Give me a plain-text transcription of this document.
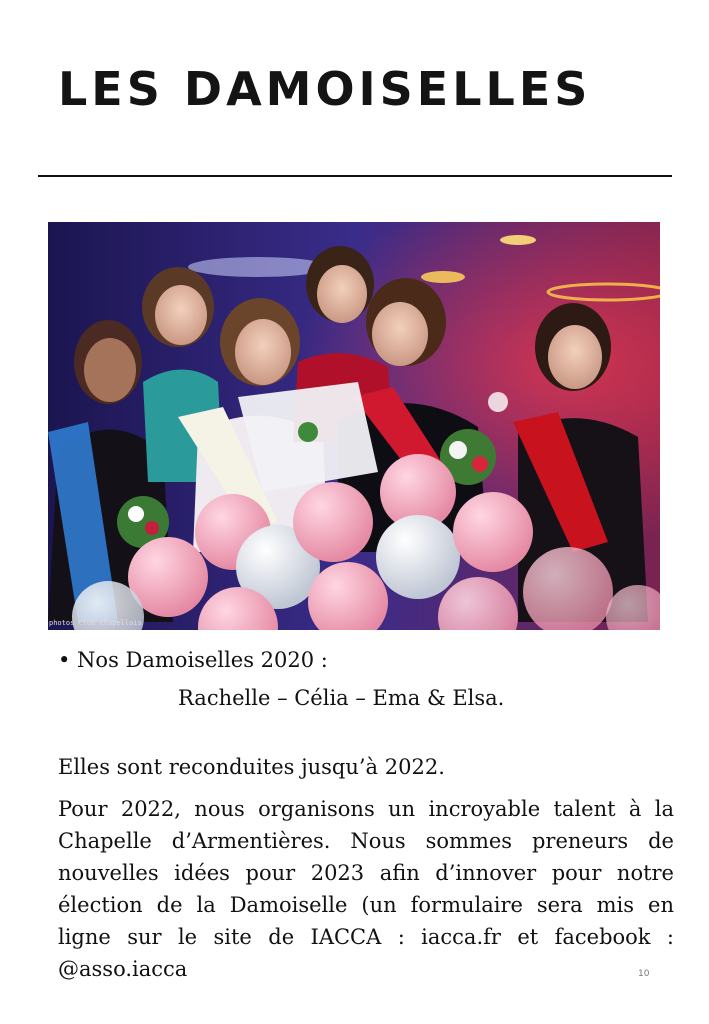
LES DAMOISELLES
photos club chapellois
• Nos Damoiselles 2020 :
Rachelle – Célia – Ema & Elsa.
Elles sont reconduites jusqu’à 2022.

Pour 2022, nous organisons un incroyable talent à la Chapelle d’Armentières. Nous sommes preneurs de nouvelles idées pour 2023 afin d’innover pour notre élection de la Damoiselle (un formulaire sera mis en ligne sur le site de IACCA : iacca.fr et facebook : @asso.iacca	10
